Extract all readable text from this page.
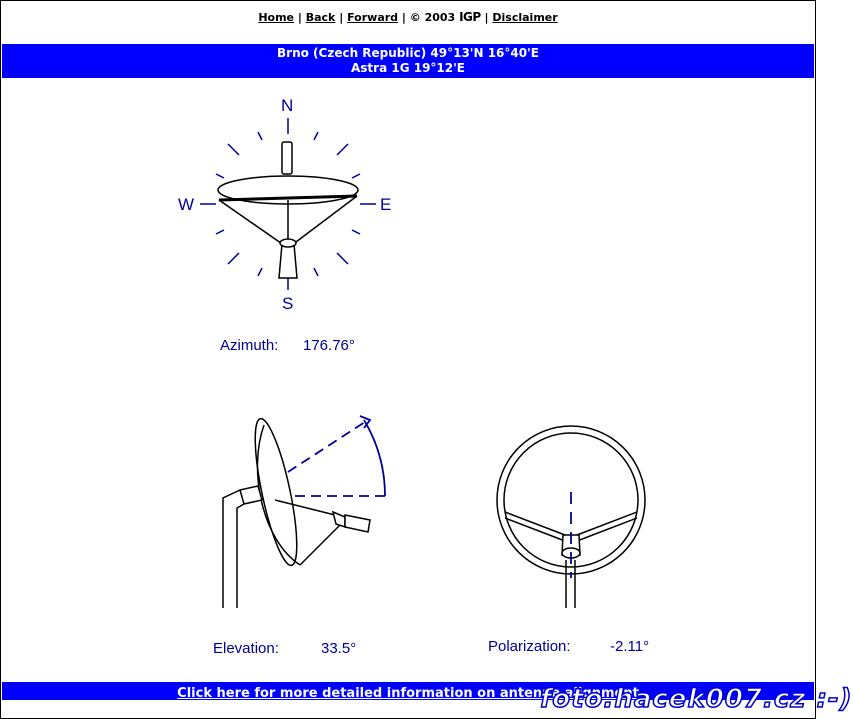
Home | Back | Forward | © 2003 IGP | Disclaimer
Brno (Czech Republic) 49°13'N 16°40'E
Astra 1G 19°12'E
N
S
W	E
Azimuth: 176.76°
Elevation:	33.5°	Polarization:	-2.11°
Click here for more detailed information on antenna alignment
foto.hacek007.cz :-)
